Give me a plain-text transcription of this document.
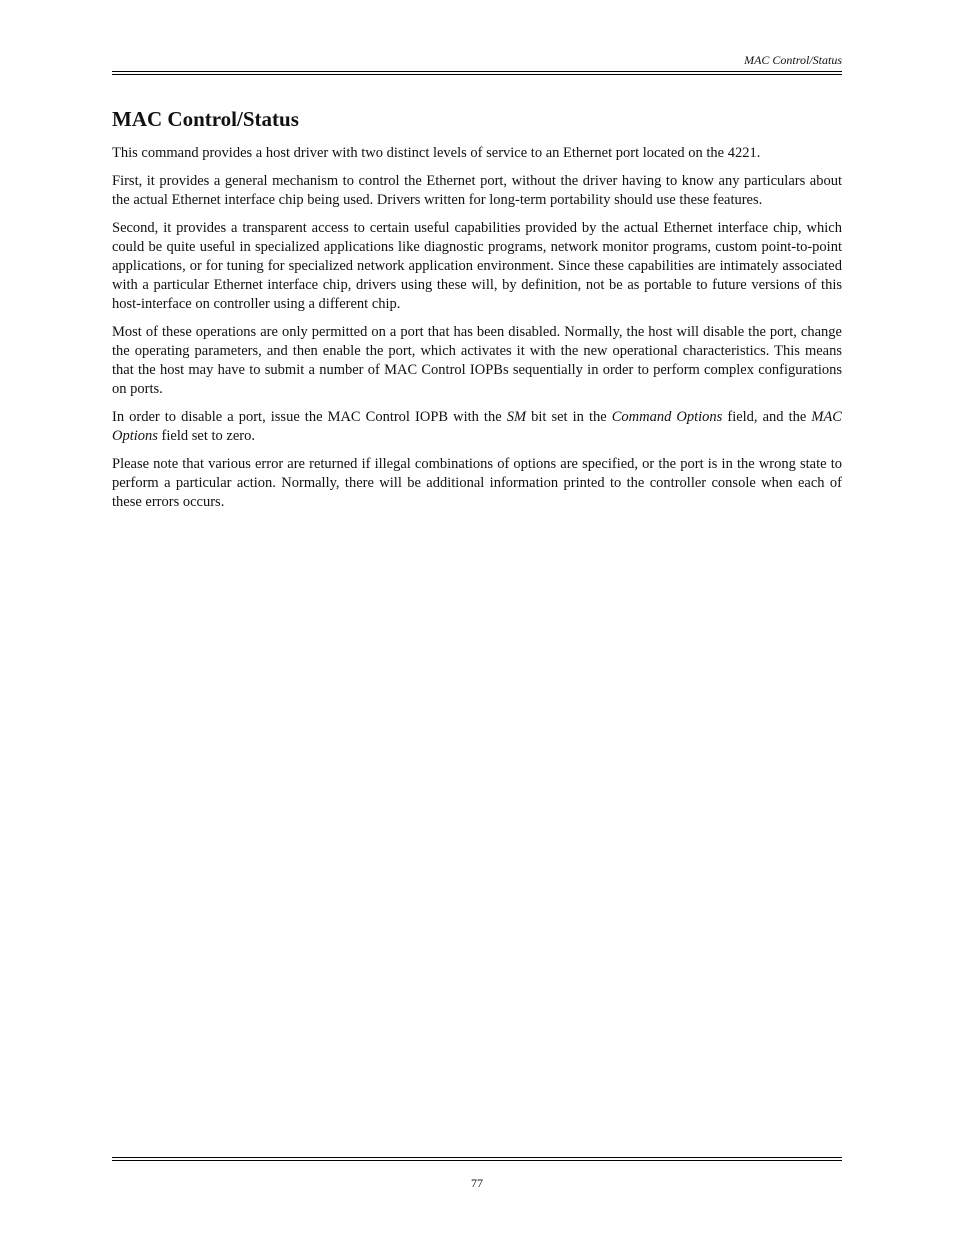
MAC Control/Status
MAC Control/Status

This command provides a host driver with two distinct levels of service to an Ethernet port located on the 4221.

First, it provides a general mechanism to control the Ethernet port, without the driver having to know any particulars about the actual Ethernet interface chip being used. Drivers written for long-term portability should use these features.

Second, it provides a transparent access to certain useful capabilities provided by the actual Ethernet interface chip, which could be quite useful in specialized applications like diagnostic programs, network monitor programs, custom point-to-point applications, or for tuning for specialized network application environment. Since these capabilities are intimately associated with a particular Ethernet interface chip, drivers using these will, by definition, not be as portable to future versions of this host-interface on controller using a different chip.

Most of these operations are only permitted on a port that has been disabled. Normally, the host will disable the port, change the operating parameters, and then enable the port, which activates it with the new operational characteristics. This means that the host may have to submit a number of MAC Control IOPBs sequentially in order to perform complex configurations on ports.

In order to disable a port, issue the MAC Control IOPB with the SM bit set in the Command Options field, and the MAC Options field set to zero.

Please note that various error are returned if illegal combinations of options are specified, or the port is in the wrong state to perform a particular action. Normally, there will be additional information printed to the controller console when each of these errors occurs.

77
